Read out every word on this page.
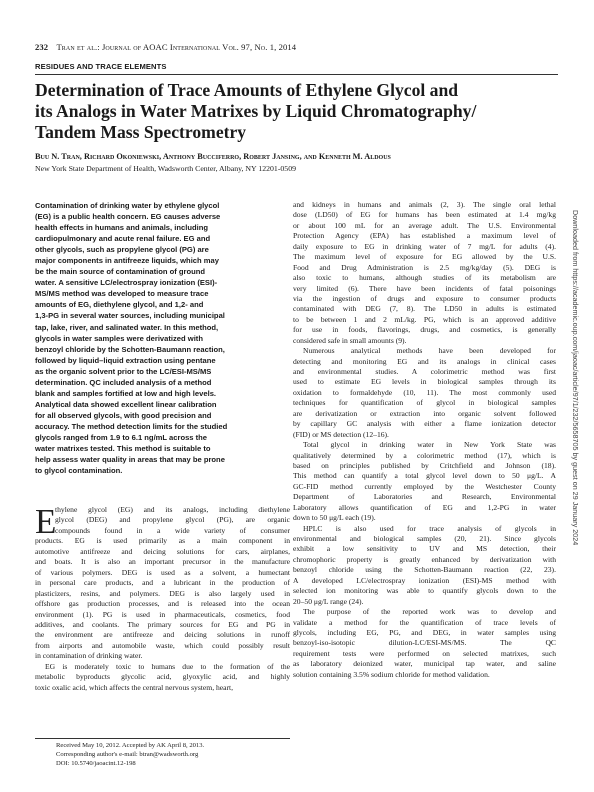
232 Tran et al.: Journal of AOAC International Vol. 97, No. 1, 2014
RESIDUES AND TRACE ELEMENTS
Determination of Trace Amounts of Ethylene Glycol and
its Analogs in Water Matrixes by Liquid Chromatography/
Tandem Mass Spectrometry
Buu N. Tran, Richard Okoniewski, Anthony Bucciferro, Robert Jansing, and Kenneth M. Aldous
New York State Department of Health, Wadsworth Center, Albany, NY 12201-0509
Contamination of drinking water by ethylene glycol
(EG) is a public health concern. EG causes adverse
health effects in humans and animals, including
cardiopulmonary and acute renal failure. EG and
other glycols, such as propylene glycol (PG) are
major components in antifreeze liquids, which may
be the main source of contamination of ground
water. A sensitive LC/electrospray ionization (ESI)-
MS/MS method was developed to measure trace
amounts of EG, diethylene glycol, and 1,2- and
1,3-PG in several water sources, including municipal
tap, lake, river, and salinated water. In this method,
glycols in water samples were derivatized with
benzoyl chloride by the Schotten-Baumann reaction,
followed by liquid–liquid extraction using pentane
as the organic solvent prior to the LC/ESI-MS/MS
determination. QC included analysis of a method
blank and samples fortified at low and high levels.
Analytical data showed excellent linear calibration
for all observed glycols, with good precision and
accuracy. The method detection limits for the studied
glycols ranged from 1.9 to 6.1 ng/mL across the
water matrixes tested. This method is suitable to
help assess water quality in areas that may be prone
to glycol contamination.
E
thylene glycol (EG) and its analogs, including diethylene
glycol (DEG) and propylene glycol (PG), are organic
compounds found in a wide variety of consumer
products. EG is used primarily as a main component in
automotive antifreeze and deicing solutions for cars, airplanes,
and boats. It is also an important precursor in the manufacture
of various polymers. DEG is used as a solvent, a humectant
in personal care products, and a lubricant in the production of
plasticizers, resins, and polymers. DEG is also largely used in
offshore gas production processes, and is released into the ocean
environment (1). PG is used in pharmaceuticals, cosmetics, food
additives, and coolants. The primary sources for EG and PG in
the environment are antifreeze and deicing solutions in runoff
from airports and automobile waste, which could possibly result
in contamination of drinking water.
EG is moderately toxic to humans due to the formation of the
metabolic byproducts glycolic acid, glyoxylic acid, and highly
toxic oxalic acid, which affects the central nervous system, heart,
Received May 10, 2012. Accepted by AK April 8, 2013.
Corresponding author's e-mail: btran@wadsworth.org
DOI: 10.5740/jaoacint.12-198
and kidneys in humans and animals (2, 3). The single oral lethal
dose (LD50) of EG for humans has been estimated at 1.4 mg/kg
or about 100 mL for an average adult. The U.S. Environmental
Protection Agency (EPA) has established a maximum level of
daily exposure to EG in drinking water of 7 mg/L for adults (4).
The maximum level of exposure for EG allowed by the U.S.
Food and Drug Administration is 2.5 mg/kg/day (5). DEG is
also toxic to humans, although studies of its metabolism are
very limited (6). There have been incidents of fatal poisonings
via the ingestion of drugs and exposure to consumer products
contaminated with DEG (7, 8). The LD50 in adults is estimated
to be between 1 and 2 mL/kg. PG, which is an approved additive
for use in foods, flavorings, drugs, and cosmetics, is generally
considered safe in small amounts (9).
Numerous analytical methods have been developed for
detecting and monitoring EG and its analogs in clinical cases
and environmental studies. A colorimetric method was first
used to estimate EG levels in biological samples through its
oxidation to formaldehyde (10, 11). The most commonly used
techniques for quantification of glycol in biological samples
are derivatization or extraction into organic solvent followed
by capillary GC analysis with either a flame ionization detector
(FID) or MS detection (12–16).
Total glycol in drinking water in New York State was
qualitatively determined by a colorimetric method (17), which is
based on principles published by Critchfield and Johnson (18).
This method can quantify a total glycol level down to 50 μg/L. A
GC-FID method currently employed by the Westchester County
Department of Laboratories and Research, Environmental
Laboratory allows quantification of EG and 1,2-PG in water
down to 50 μg/L each (19).
HPLC is also used for trace analysis of glycols in
environmental and biological samples (20, 21). Since glycols
exhibit a low sensitivity to UV and MS detection, their
chromophoric property is greatly enhanced by derivatization with
benzoyl chloride using the Schotten-Baumann reaction (22, 23).
A developed LC/electrospray ionization (ESI)-MS method with
selected ion monitoring was able to quantify glycols down to the
20–50 μg/L range (24).
The purpose of the reported work was to develop and
validate a method for the quantification of trace levels of
glycols, including EG, PG, and DEG, in water samples using
benzoyl-iso-isotopic dilution-LC/ESI-MS/MS. The QC
requirement tests were performed on selected matrixes, such
as laboratory deionized water, municipal tap water, and saline
solution containing 3.5% sodium chloride for method validation.
Downloaded from https://academic.oup.com/jaoac/article/97/1/232/5658705 by guest on 29 January 2024
